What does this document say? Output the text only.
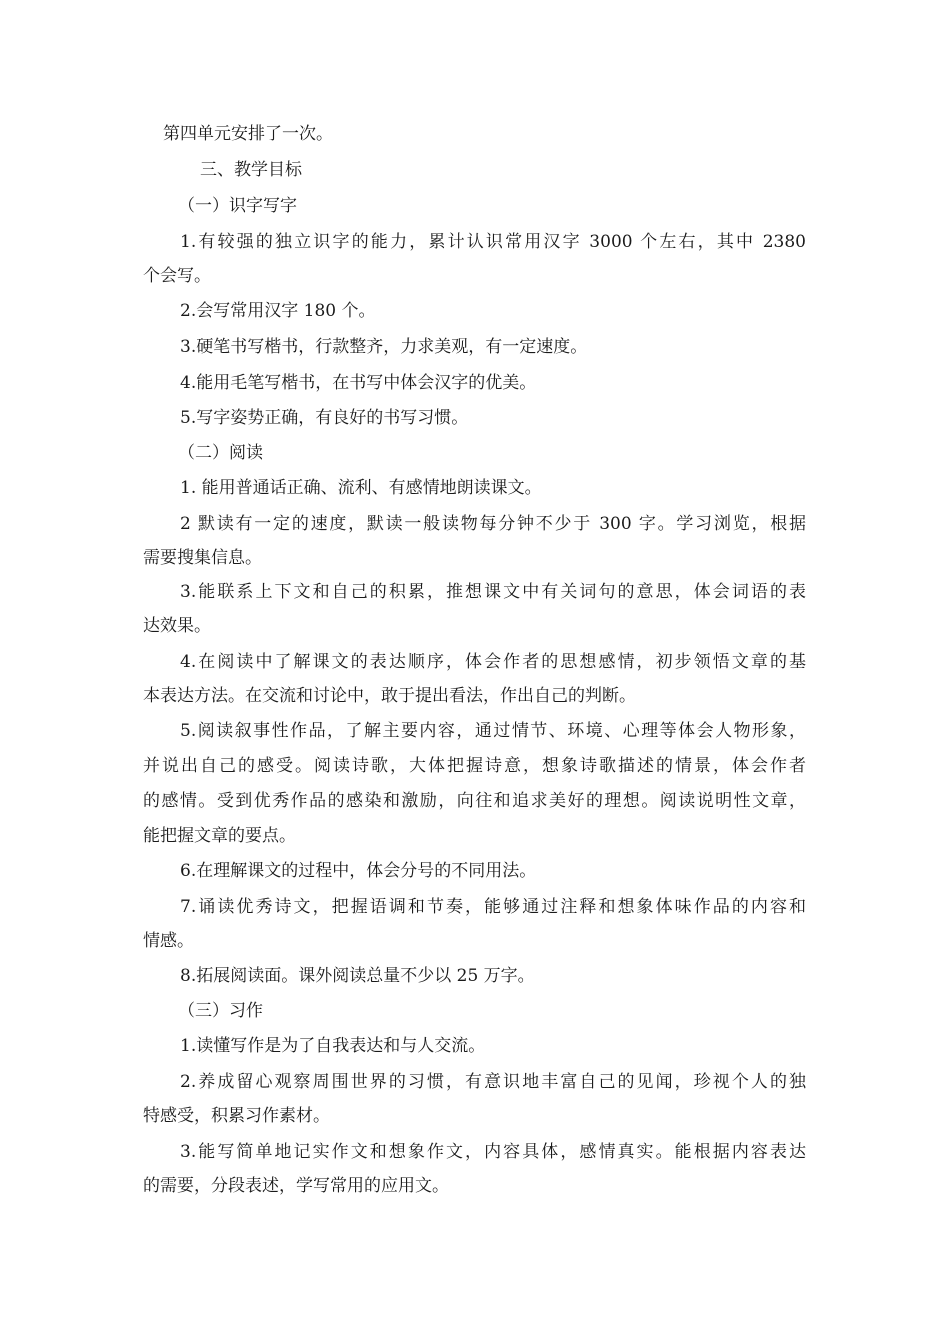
第四单元安排了一次。
三、教学目标
（一）识字写字
1.有较强的独立识字的能力，累计认识常用汉字 3000 个左右，其中 2380
个会写。
2.会写常用汉字 180 个。
3.硬笔书写楷书，行款整齐，力求美观，有一定速度。
4.能用毛笔写楷书，在书写中体会汉字的优美。
5.写字姿势正确，有良好的书写习惯。
（二）阅读
1. 能用普通话正确、流利、有感情地朗读课文。
2 默读有一定的速度，默读一般读物每分钟不少于 300 字。学习浏览，根据
需要搜集信息。
3.能联系上下文和自己的积累，推想课文中有关词句的意思，体会词语的表
达效果。
4.在阅读中了解课文的表达顺序，体会作者的思想感情，初步领悟文章的基
本表达方法。在交流和讨论中，敢于提出看法，作出自己的判断。
5.阅读叙事性作品，了解主要内容，通过情节、环境、心理等体会人物形象，
并说出自己的感受。阅读诗歌，大体把握诗意，想象诗歌描述的情景，体会作者
的感情。受到优秀作品的感染和激励，向往和追求美好的理想。阅读说明性文章，
能把握文章的要点。
6.在理解课文的过程中，体会分号的不同用法。
7.诵读优秀诗文，把握语调和节奏，能够通过注释和想象体味作品的内容和
情感。
8.拓展阅读面。课外阅读总量不少以 25 万字。
（三）习作
1.读懂写作是为了自我表达和与人交流。
2.养成留心观察周围世界的习惯，有意识地丰富自己的见闻，珍视个人的独
特感受，积累习作素材。
3.能写简单地记实作文和想象作文，内容具体，感情真实。能根据内容表达
的需要，分段表述，学写常用的应用文。
